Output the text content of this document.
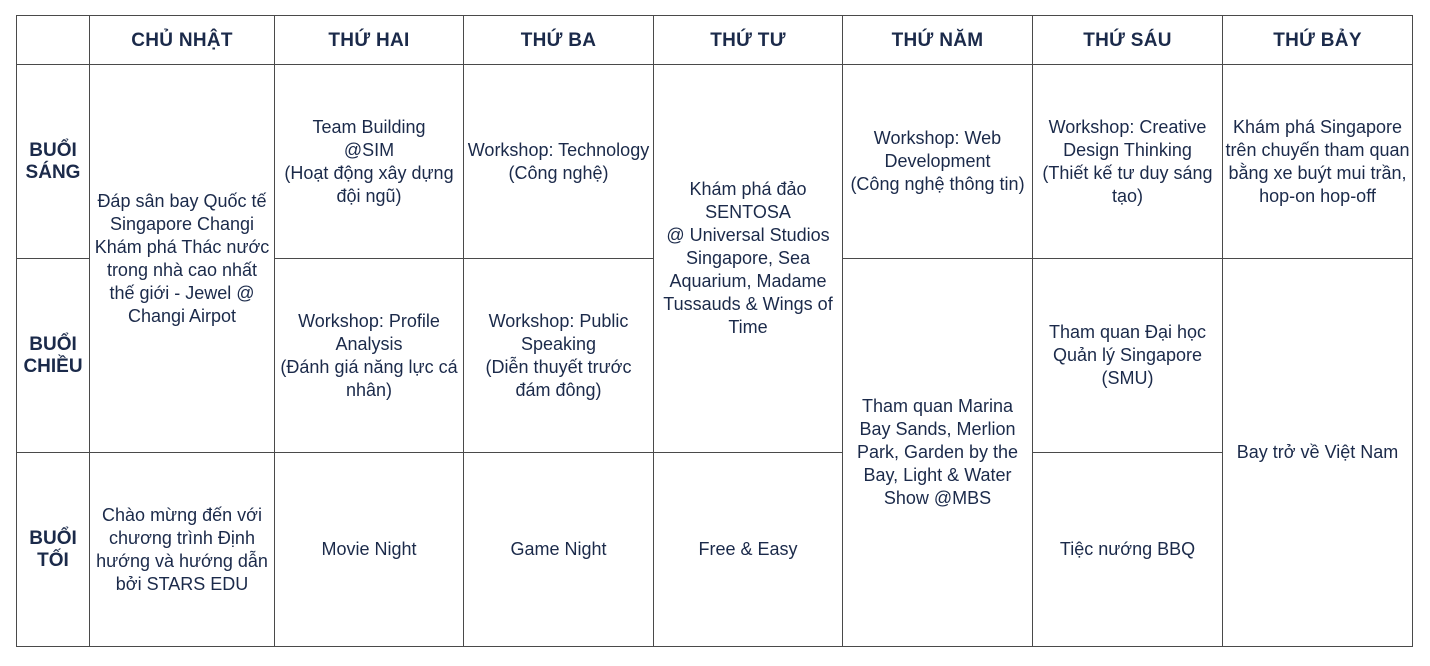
	CHỦ NHẬT	THỨ HAI	THỨ BA	THỨ TƯ	THỨ NĂM	THỨ SÁU	THỨ BẢY

BUỔI
SÁNG	Đáp sân bay Quốc tế Singapore Changi Khám phá Thác nước trong nhà cao nhất thế giới - Jewel @ Changi Airpot	Team Building
@SIM
(Hoạt động xây dựng đội ngũ)	Workshop: Technology
(Công nghệ)	Khám phá đảo SENTOSA
@ Universal Studios Singapore, Sea Aquarium, Madame Tussauds & Wings of Time	Workshop: Web Development
(Công nghệ thông tin)	Workshop: Creative Design Thinking
(Thiết kế tư duy sáng tạo)	Khám phá Singapore trên chuyến tham quan bằng xe buýt mui trần, hop-on hop-off

BUỔI
CHIỀU		Workshop: Profile Analysis
(Đánh giá năng lực cá nhân)	Workshop: Public Speaking
(Diễn thuyết trước đám đông)		Tham quan Marina Bay Sands, Merlion Park, Garden by the Bay, Light & Water Show @MBS	Tham quan Đại học Quản lý Singapore (SMU)	Bay trở về Việt Nam

BUỔI
TỐI	Chào mừng đến với chương trình Định hướng và hướng dẫn bởi STARS EDU	Movie Night	Game Night	Free & Easy		Tiệc nướng BBQ	
